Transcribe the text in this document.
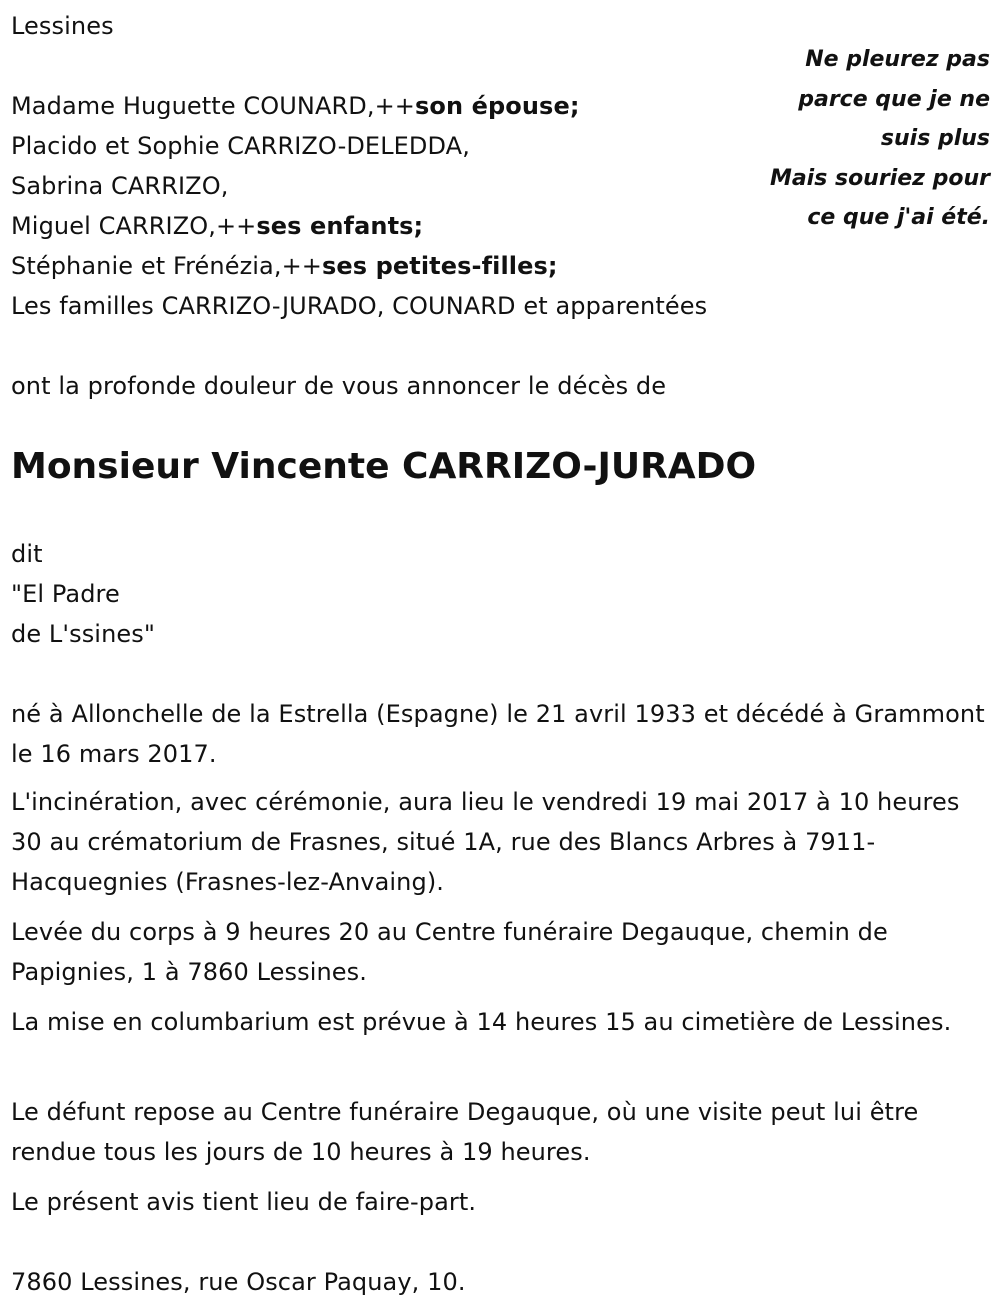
Lessines
Ne pleurez pas
parce que je ne
suis plus
Mais souriez pour
ce que j'ai été.
Madame Huguette COUNARD,++son épouse;
Placido et Sophie CARRIZO-DELEDDA,
Sabrina CARRIZO,
Miguel CARRIZO,++ses enfants;
Stéphanie et Frénézia,++ses petites-filles;
Les familles CARRIZO-JURADO, COUNARD et apparentées
ont la profonde douleur de vous annoncer le décès de
Monsieur Vincente CARRIZO-JURADO
dit
"El Padre
de L'ssines"
né à Allonchelle de la Estrella (Espagne) le 21 avril 1933 et décédé à Grammont le 16 mars 2017.
L'incinération, avec cérémonie, aura lieu le vendredi 19 mai 2017 à 10 heures 30 au crématorium de Frasnes, situé 1A, rue des Blancs Arbres à 7911-Hacquegnies (Frasnes-lez-Anvaing).
Levée du corps à 9 heures 20 au Centre funéraire Degauque, chemin de Papignies, 1 à 7860 Lessines.
La mise en columbarium est prévue à 14 heures 15 au cimetière de Lessines.
Le défunt repose au Centre funéraire Degauque, où une visite peut lui être rendue tous les jours de 10 heures à 19 heures.
Le présent avis tient lieu de faire-part.
7860 Lessines, rue Oscar Paquay, 10.
